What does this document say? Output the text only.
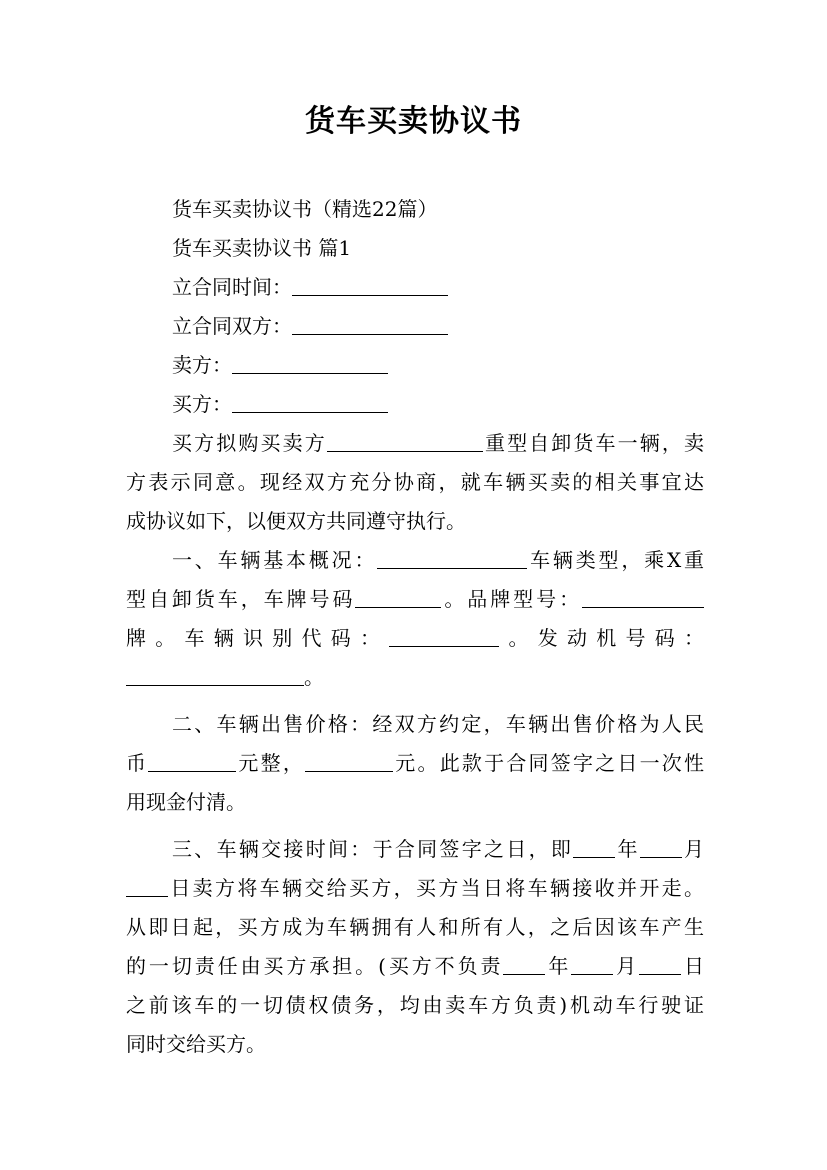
货车买卖协议书
货车买卖协议书（精选22篇）
货车买卖协议书 篇1
立合同时间：
立合同双方：
卖方：
买方：
买方拟购买卖方	重型自卸货车一辆，卖
方表示同意。现经双方充分协商，就车辆买卖的相关事宜达
成协议如下，以便双方共同遵守执行。
一、车辆基本概况：	车辆类型，乘X重
型自卸货车，车牌号码	。品牌型号：
牌。车辆识别代码：	。发动机号码：
。
二、车辆出售价格：经双方约定，车辆出售价格为人民
币	元整，	元。此款于合同签字之日一次性
用现金付清。
三、车辆交接时间：于合同签字之日，即 年 月
日卖方将车辆交给买方，买方当日将车辆接收并开走。
从即日起，买方成为车辆拥有人和所有人，之后因该车产生
的一切责任由买方承担。(买方不负责 年 月 日
之前该车的一切债权债务，均由卖车方负责)机动车行驶证
同时交给买方。
